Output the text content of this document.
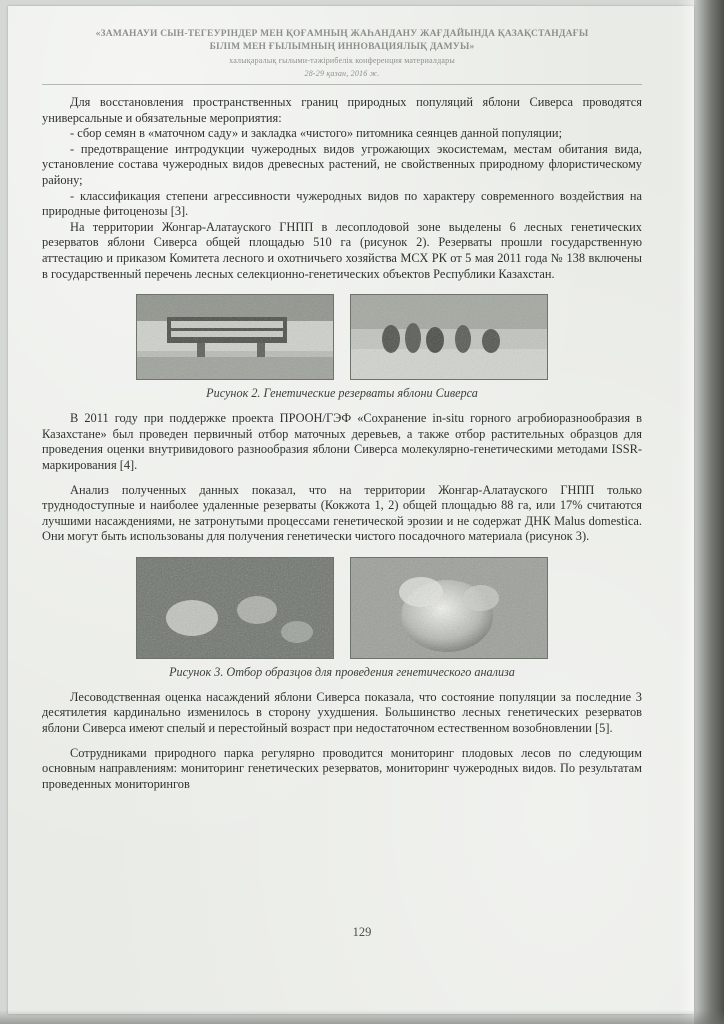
«ЗАМАНАУИ СЫН-ТЕГЕУРІНДЕР МЕН ҚОҒАМНЫҢ ЖАҺАНДАНУ ЖАҒДАЙЫНДА ҚАЗАҚСТАНДАҒЫ
БІЛІМ МЕН ҒЫЛЫМНЫҢ ИННОВАЦИЯЛЫҚ ДАМУЫ»
халықаралық ғылыми-тәжірибелік конференция материалдары
28-29 қазан, 2016 ж.

Для восстановления пространственных границ природных популяций яблони Сиверса проводятся универсальные и обязательные мероприятия:

- сбор семян в «маточном саду» и закладка «чистого» питомника сеянцев данной популяции;

- предотвращение интродукции чужеродных видов угрожающих экосистемам, местам обитания вида, установление состава чужеродных видов древесных растений, не свойственных природному флористическому району;

- классификация степени агрессивности чужеродных видов по характеру современного воздействия на природные фитоценозы [3].

На территории Жонгар-Алатауского ГНПП в лесоплодовой зоне выделены 6 лесных генетических резерватов яблони Сиверса общей площадью 510 га (рисунок 2). Резерваты прошли государственную аттестацию и приказом Комитета лесного и охотничьего хозяйства МСХ РК от 5 мая 2011 года № 138 включены в государственный перечень лесных селекционно-генетических объектов Республики Казахстан.

Рисунок 2. Генетические резерваты яблони Сиверса

В 2011 году при поддержке проекта ПРООН/ГЭФ «Сохранение in-situ горного агробиоразнообразия в Казахстане» был проведен первичный отбор маточных деревьев, а также отбор растительных образцов для проведения оценки внутривидового разнообразия яблони Сиверса молекулярно-генетическими методами ISSR-маркирования [4].

Анализ полученных данных показал, что на территории Жонгар-Алатауского ГНПП только труднодоступные и наиболее удаленные резерваты (Кокжота 1, 2) общей площадью 88 га, или 17% считаются лучшими насаждениями, не затронутыми процессами генетической эрозии и не содержат ДНК Malus domestica. Они могут быть использованы для получения генетически чистого посадочного материала (рисунок 3).

Рисунок 3. Отбор образцов для проведения генетического анализа

Лесоводственная оценка насаждений яблони Сиверса показала, что состояние популяции за последние 3 десятилетия кардинально изменилось в сторону ухудшения. Большинство лесных генетических резерватов яблони Сиверса имеют спелый и перестойный возраст при недостаточном естественном возобновлении [5].

Сотрудниками природного парка регулярно проводится мониторинг плодовых лесов по следующим основным направлениям: мониторинг генетических резерватов, мониторинг чужеродных видов. По результатам проведенных мониторингов

129
